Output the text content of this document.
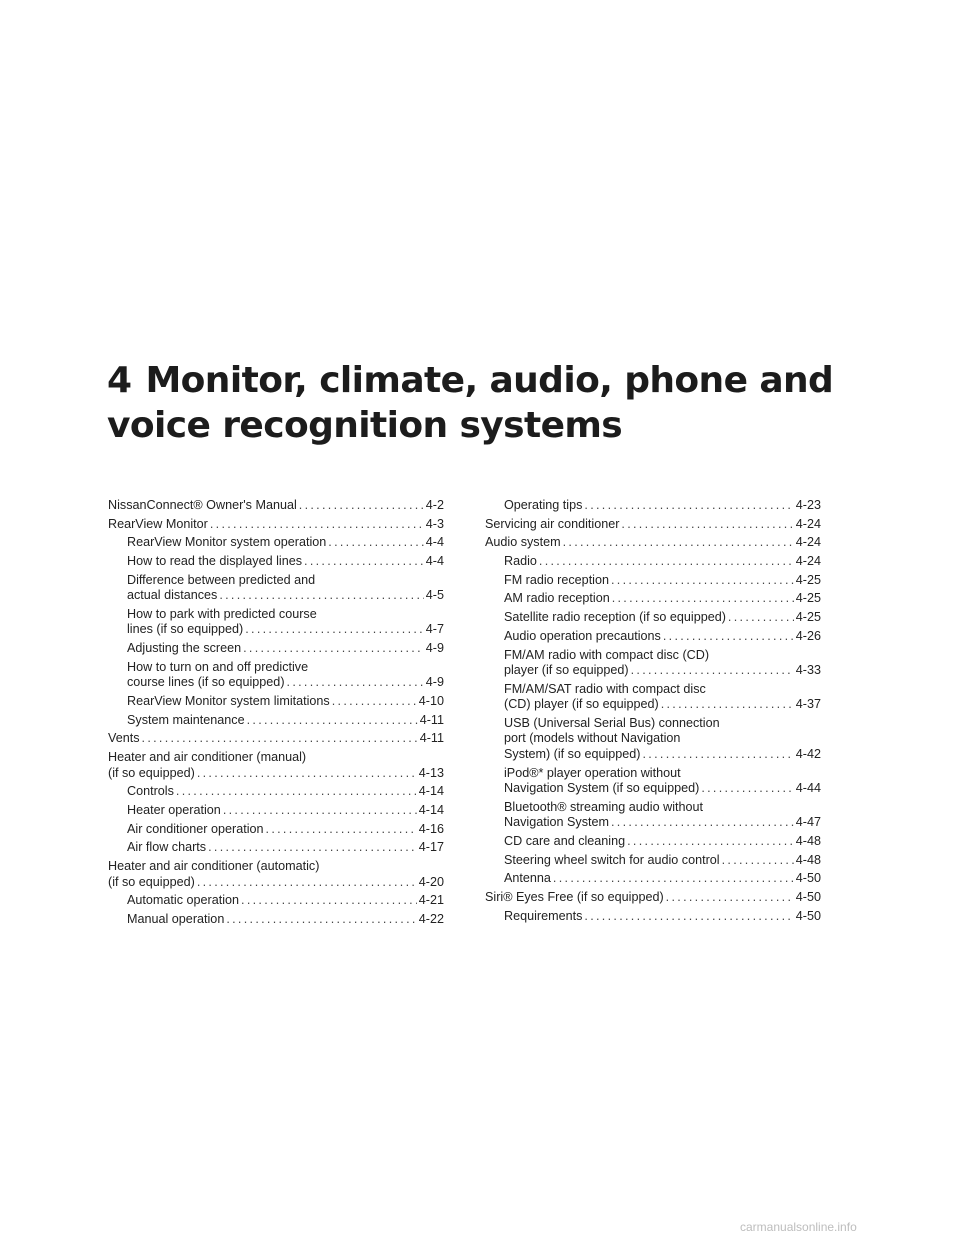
4 Monitor, climate, audio, phone and
voice recognition systems
NissanConnect® Owner's Manual .....	4-2
RearView Monitor .....	4-3
RearView Monitor system operation .....	4-4
How to read the displayed lines .....	4-4
Difference between predicted and
actual distances .....	4-5
How to park with predicted course
lines (if so equipped) .....	4-7
Adjusting the screen .....	4-9
How to turn on and off predictive
course lines (if so equipped) .....	4-9
RearView Monitor system limitations .....	4-10
System maintenance .....	4-11
Vents .....	4-11
Heater and air conditioner (manual)
(if so equipped) .....	4-13
Controls .....	4-14
Heater operation .....	4-14
Air conditioner operation .....	4-16
Air flow charts .....	4-17
Heater and air conditioner (automatic)
(if so equipped) .....	4-20
Automatic operation .....	4-21
Manual operation .....	4-22
Operating tips .....	4-23
Servicing air conditioner .....	4-24
Audio system .....	4-24
Radio .....	4-24
FM radio reception .....	4-25
AM radio reception .....	4-25
Satellite radio reception (if so equipped) .....	4-25
Audio operation precautions .....	4-26
FM/AM radio with compact disc (CD)
player (if so equipped) .....	4-33
FM/AM/SAT radio with compact disc
(CD) player (if so equipped) .....	4-37
USB (Universal Serial Bus) connection
port (models without Navigation
System) (if so equipped) .....	4-42
iPod®* player operation without
Navigation System (if so equipped) .....	4-44
Bluetooth® streaming audio without
Navigation System .....	4-47
CD care and cleaning .....	4-48
Steering wheel switch for audio control .....	4-48
Antenna .....	4-50
Siri® Eyes Free (if so equipped) .....	4-50
Requirements .....	4-50
carmanualsonline.info
